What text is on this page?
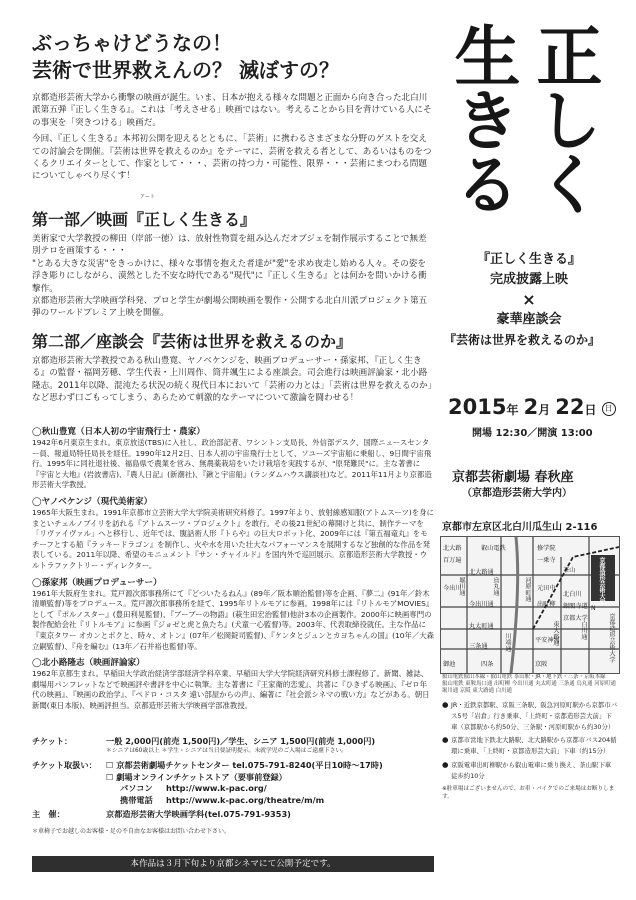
ぶっちゃけどうなの！
芸術で世界救えんの？ 滅ぼすの？	正しく
生きる

京都造形芸術大学から衝撃の映画が誕生。いま、日本が抱える様々な問題と正面から向き合った北白川派第五弾『正しく生きる』。これは「考えさせる」映画ではない。考えることから目を背けている人にその事実を「突きつける」映画だ。

今回、『正しく生きる』本邦初公開を迎えるとともに、「芸術」に携わるさまざまな分野のゲストを交えての討論会を開催。『芸術は世界を救えるのか』をテーマに、芸術を救える者として、あるいはものをつくるクリエイターとして、作家として・・・、芸術の持つ力・可能性、限界・・・芸術にまつわる問題についてしゃべり尽くす！

アート
第一部／映画『正しく生きる』

美術家で大学教授の柳田（岸部一徳）は、放射性物質を組み込んだオブジェを制作展示することで無差別テロを画策する・・・

"とある大きな災害"をきっかけに、様々な事情を抱えた者達が"愛"を求め夜走し始める人々。その姿を浮き彫りにしながら、漠然とした不安な時代である"現代"に『正しく生きる』とは何かを問いかける衝撃作。

京都造形芸術大学映画学科発、プロと学生が劇場公開映画を製作・公開する北白川派プロジェクト第五弾のワールドプレミア上映を開催。

第二部／座談会『芸術は世界を救えるのか』

京都造形芸術大学教授である秋山豊寛、ヤノベケンジを、映画プロデューサー・孫家邦、『正しく生きる』の監督・福岡芳穂、学生代表・上川周作、筒井颯生による座談会。司会進行は映画評論家・北小路隆志。2011年以降、混沌たる状況の続く現代日本において「芸術の力とは」「芸術は世界を救えるのか」など思わず口ごもってしまう、あらためて刺激的なテーマについて激論を闘わせる！

◯秋山豊寛（日本人初の宇宙飛行士・農家）

1942年6月東京生まれ。東京放送(TBS)に入社し、政治部記者、ワシントン支局長、外信部デスク、国際ニュースセンター員、報道局特任局長を経任。1990年12月2日、日本人初の宇宙飛行士として、ソユーズ宇宙船に乗船し、9日間宇宙飛行。1995年に同社退社後、福島県で農業を営み、無農薬栽培をいたけ栽培を実践するが、"原発難民"に。主な著書に『宇宙と大地』(岩波書店)、『農人日記』(新潮社)、『鍬と宇宙船』(ランダムハウス講談社)など。2011年11月より京都造形芸術大学教授。

◯ヤノベケンジ（現代美術家）

1965年大阪生まれ。1991年京都市立芸術大学大学院美術研究科修了。1997年より、放射線感知服(アトムスーツ)を身にまといチェルノブイリを訪れる『アトムスーツ・プロジェクト』を敢行。その後21世紀の幕開けと共に、制作テーマを「リヴァイヴァル」へと移行し、近年では、腹話術人形『トらや』の巨大ロボット化、2009年には『第五福竜丸』をモチーフとする船『ラッキードラゴン』を制作し、火や水を用いた壮大なパフォーマンスを展開するなど独創的な作品を発表している。2011年以降、希望のモニュメント『サン・チャイルド』を国内外で巡回展示。京都造形芸術大学教授・ウルトラファクトリー・ディレクター。

◯孫家邦（映画プロデューサー）

1961年大阪府生まれ。荒戸源次郎事務所にて『どついたるねん』(89年／阪本順治監督)等を企画、『夢二』(91年／鈴木清順監督)等をプロデュース。荒戸源次郎事務所を経て、1995年リトルモアに参画。1998年には『リトルモアMOVIES』として『ポルノスター』(豊田利晃監督)、『ブーブーの物語』(萩生田宏治監督)他計3本の企画製作。2000年に映画専門の製作配給会社『リトルモア』に参画『ジョゼと虎と魚たち』(犬童一心監督)等。2003年、代表取締役就任。主な作品に『東京タワー オカンとボクと、時々、オトン』(07年／松岡錠司監督)、『ケンタとジュンとカヨちゃんの国』(10年／大森立嗣監督)、『舟を編む』(13年／石井裕也監督)等。

◯北小路隆志（映画評論家）

1962年京都生まれ。早稲田大学政治経済学部経済学科卒業、早稲田大学大学院経済研究科修士課程修了。新聞、雑誌、劇場用パンフレットなどで映画評や書評を中心に執筆。主な著書に『王家衛的恋愛』、共著に『ひきずる映画』、『ゼロ年代の映画』、『映画の政治学』、『ペドロ・コスタ 遠い部屋からの声』、編著に『社会派シネマの戦い方』などがある。朝日新聞(東日本版)、映画評担当。京都造形芸術大学映画学部准教授。

『正しく生きる』
完成披露上映
×
豪華座談会
『芸術は世界を救えるのか』
2015年 2月 22日 日
開場 12:30／開演 13:00
京都芸術劇場 春秋座
（京都造形芸術大学内）
京都市左京区北白川瓜生山 2-116
北大路通
今出川通
丸太町通
三条通
修学院
一乗寺
茶山
元田中
出町柳
京都大学
平安神宮
御池	四条	京阪
北白川
北大路
銀閣寺道
百万遍
今出川
叡山電鉄
N
堀川通	烏丸通
川端通
河原町通
東大路通	白川通
京都造形芸術大学
京都造形芸術大学
叡山電鉄叡山本線・叡山電鉄 茶山駅・JR・地下鉄・三条・京阪本線
叡山電鉄 東鞍馬口通 出町柳 今出川通 丸太町通 三条通 烏丸通 河原町通 堀川通 京阪 東大路通 白川通

● JR・近鉄京都駅、京阪三条駅、阪急河原町駅から京都市バス5号「岩倉」行き乗車、「上終町・京都造形芸大前」下車（京都駅から約50分、三条駅・河原町駅から約30分）

● 京都市営地下鉄北大路駅、北大路駅から京都市バス204循環に乗車、「上終町・京都造形芸大前」下車（約15分）

● 京阪電車出町柳駅から叡山電車に乗り換え、茶山駅下車　徒歩約10分

※駐車場はございませんので、お車・バイクでのご来場はお断りします。

チケット：	一般 2,000円(前売 1,500円)／学生、シニア 1,500円(前売 1,000円)
＊シニアは60歳以上 ＊学生・シニアは当日要証明提示。未就学児のご入場はご遠慮下さい。
チケット取扱い：	☐ 京都芸術劇場チケットセンター tel.075-791-8240(平日10時～17時)
☐ 劇場オンラインチケットストア（要事前登録）
パソコン http://www.k-pac.org/
携帯電話 http://www.k-pac.org/theatre/m/m
主　催：	京都造形芸術大学映画学科(tel.075-791-9353)
＊車椅子でお越しのお客様・足の不自由なお客様はお問い合わせ下さい。
本作品は３月下旬より京都シネマにて公開予定です。
